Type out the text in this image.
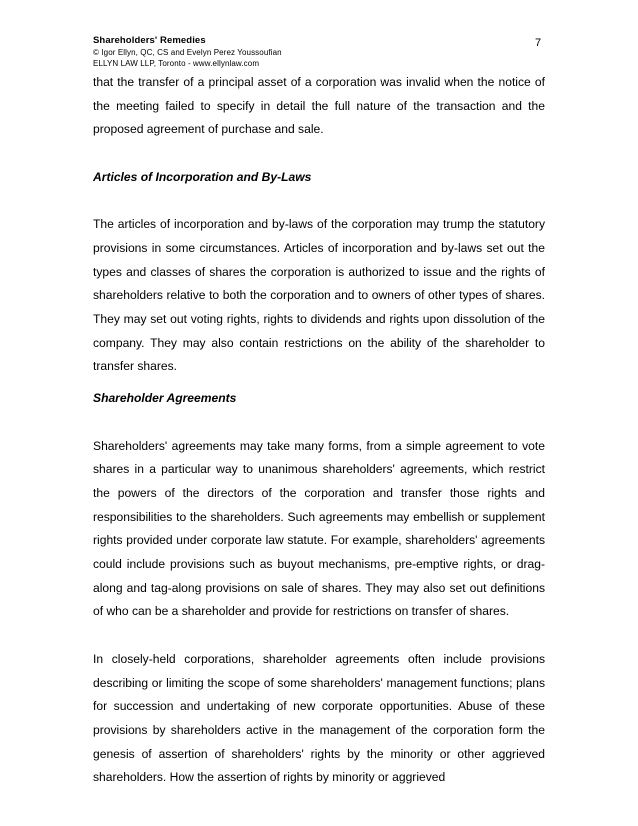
Shareholders' Remedies
© Igor Ellyn, QC, CS and Evelyn Perez Youssoufian
ELLYN LAW LLP, Toronto - www.ellynlaw.com
7

that the transfer of a principal asset of a corporation was invalid when the notice of the meeting failed to specify in detail the full nature of the transaction and the proposed agreement of purchase and sale.

Articles of Incorporation and By-Laws

The articles of incorporation and by-laws of the corporation may trump the statutory provisions in some circumstances. Articles of incorporation and by-laws set out the types and classes of shares the corporation is authorized to issue and the rights of shareholders relative to both the corporation and to owners of other types of shares. They may set out voting rights, rights to dividends and rights upon dissolution of the company. They may also contain restrictions on the ability of the shareholder to transfer shares.

Shareholder Agreements

Shareholders' agreements may take many forms, from a simple agreement to vote shares in a particular way to unanimous shareholders' agreements, which restrict the powers of the directors of the corporation and transfer those rights and responsibilities to the shareholders. Such agreements may embellish or supplement rights provided under corporate law statute. For example, shareholders' agreements could include provisions such as buyout mechanisms, pre-emptive rights, or drag-along and tag-along provisions on sale of shares. They may also set out definitions of who can be a shareholder and provide for restrictions on transfer of shares.

In closely-held corporations, shareholder agreements often include provisions describing or limiting the scope of some shareholders' management functions; plans for succession and undertaking of new corporate opportunities. Abuse of these provisions by shareholders active in the management of the corporation form the genesis of assertion of shareholders' rights by the minority or other aggrieved shareholders. How the assertion of rights by minority or aggrieved
